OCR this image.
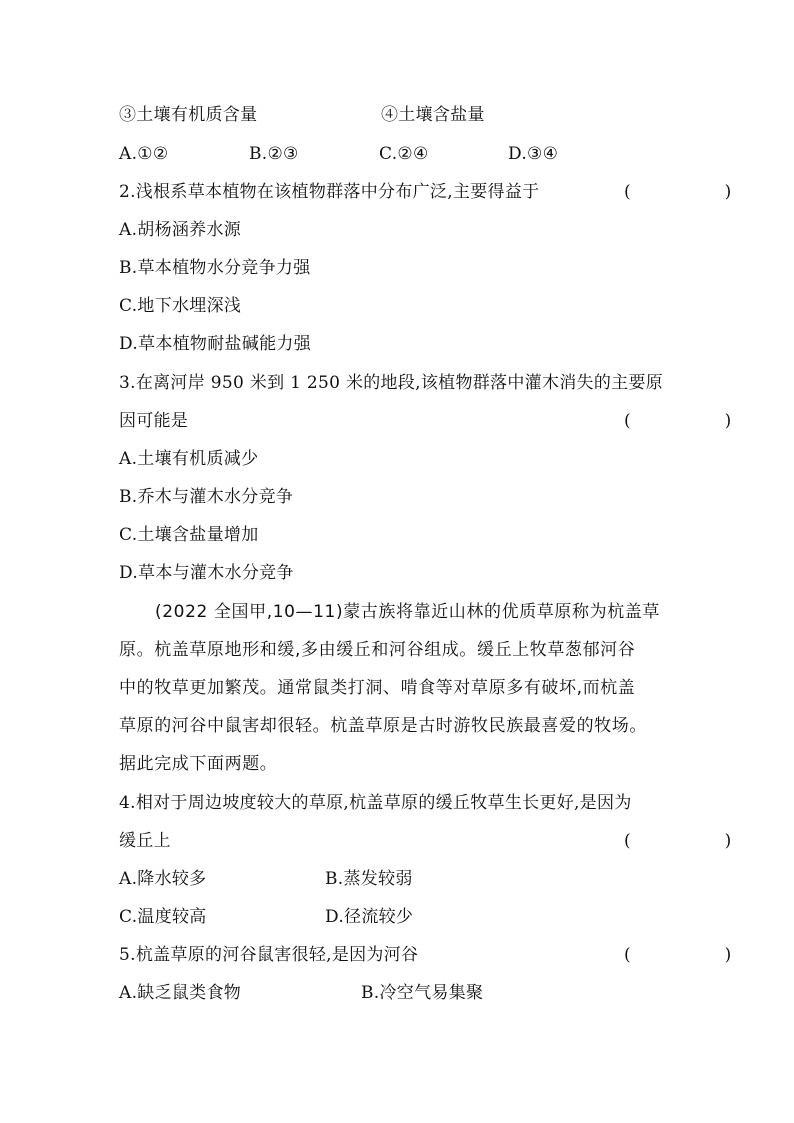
③土壤有机质含量	④土壤含盐量
A.①②	B.②③	C.②④	D.③④
2.浅根系草本植物在该植物群落中分布广泛,主要得益于	(　　)
A.胡杨涵养水源
B.草本植物水分竞争力强
C.地下水埋深浅
D.草本植物耐盐碱能力强
3.在离河岸 950 米到 1 250 米的地段,该植物群落中灌木消失的主要原
因可能是	(　　)
A.土壤有机质减少
B.乔木与灌木水分竞争
C.土壤含盐量增加
D.草本与灌木水分竞争
(2022 全国甲,10—11)蒙古族将靠近山林的优质草原称为杭盖草
原。杭盖草原地形和缓,多由缓丘和河谷组成。缓丘上牧草葱郁河谷
中的牧草更加繁茂。通常鼠类打洞、啃食等对草原多有破坏,而杭盖
草原的河谷中鼠害却很轻。杭盖草原是古时游牧民族最喜爱的牧场。
据此完成下面两题。
4.相对于周边坡度较大的草原,杭盖草原的缓丘牧草生长更好,是因为
缓丘上	(　　)
A.降水较多	B.蒸发较弱
C.温度较高	D.径流较少
5.杭盖草原的河谷鼠害很轻,是因为河谷	(　　)
A.缺乏鼠类食物	B.冷空气易集聚
